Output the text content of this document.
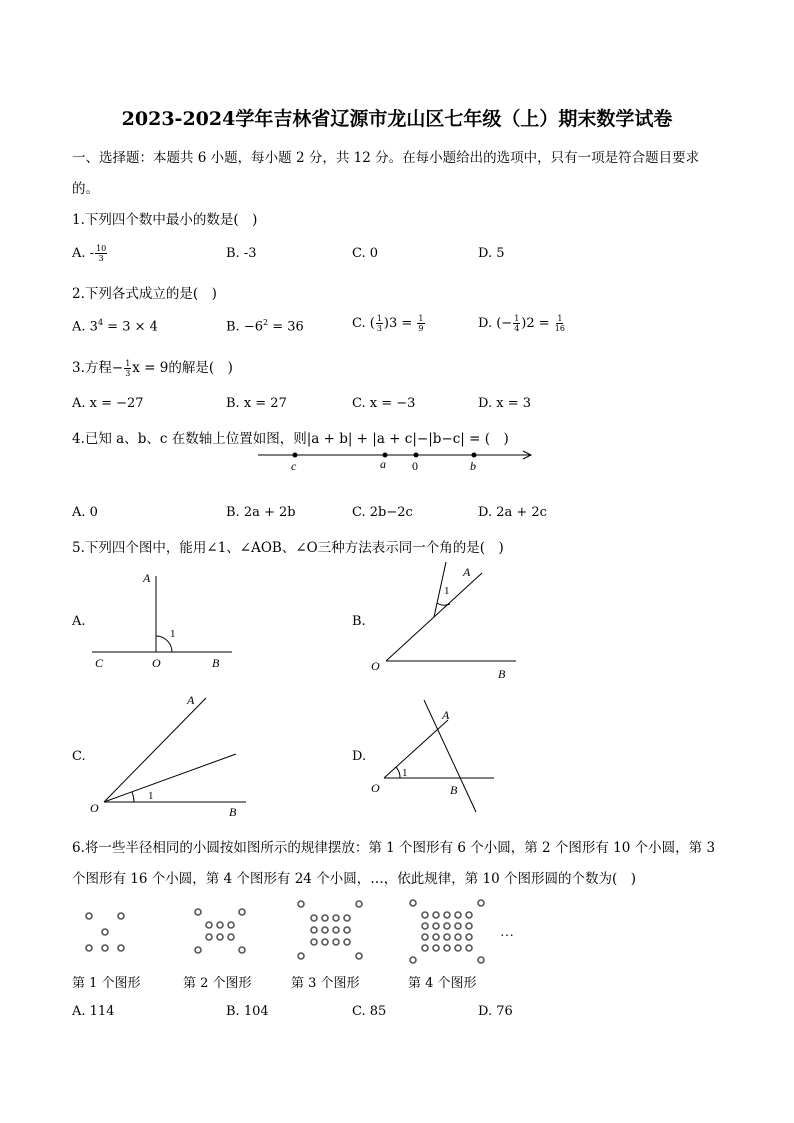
2023-2024学年吉林省辽源市龙山区七年级（上）期末数学试卷
一、选择题：本题共 6 小题，每小题 2 分，共 12 分。在每小题给出的选项中，只有一项是符合题目要求
的。
1.下列四个数中最小的数是(　)
A. - $\frac{10}{3}$	B. -3	C. 0	D. 5
2.下列各式成立的是(　)
A. $3^4 = 3 \times 4$	B. $-6^2 = 36$	C. ( $\frac{1}{3} )3 = \frac{1}{9}$	D. (− $\frac{1}{4} )2 = \frac{1}{16}$
3.方程− $\frac{1}{3}$ x = 9的解是(　)
A. x = −27	B. x = 27	C. x = −3	D. x = 3
4.已知 a、b、c 在数轴上位置如图，则|a + b| + |a + c|−|b−c| = (　)
c	a 0	b
A. 0	B. 2a + 2b	C. 2b−2c	D. 2a + 2c
5.下列四个图中，能用∠1、∠AOB、∠O三种方法表示同一个角的是(　)
A.
A
1
C	O	B
B.
A
1
O
B
C.
A
1
O	B
D.
A
1
O	B
6.将一些半径相同的小圆按如图所示的规律摆放：第 1 个图形有 6 个小圆，第 2 个图形有 10 个小圆，第 3
个图形有 16 个小圆，第 4 个图形有 24 个小圆，…，依此规律，第 10 个图形圆的个数为(　)
…
第 1 个图形	第 2 个图形	第 3 个图形	第 4 个图形
A. 114	B. 104	C. 85	D. 76
